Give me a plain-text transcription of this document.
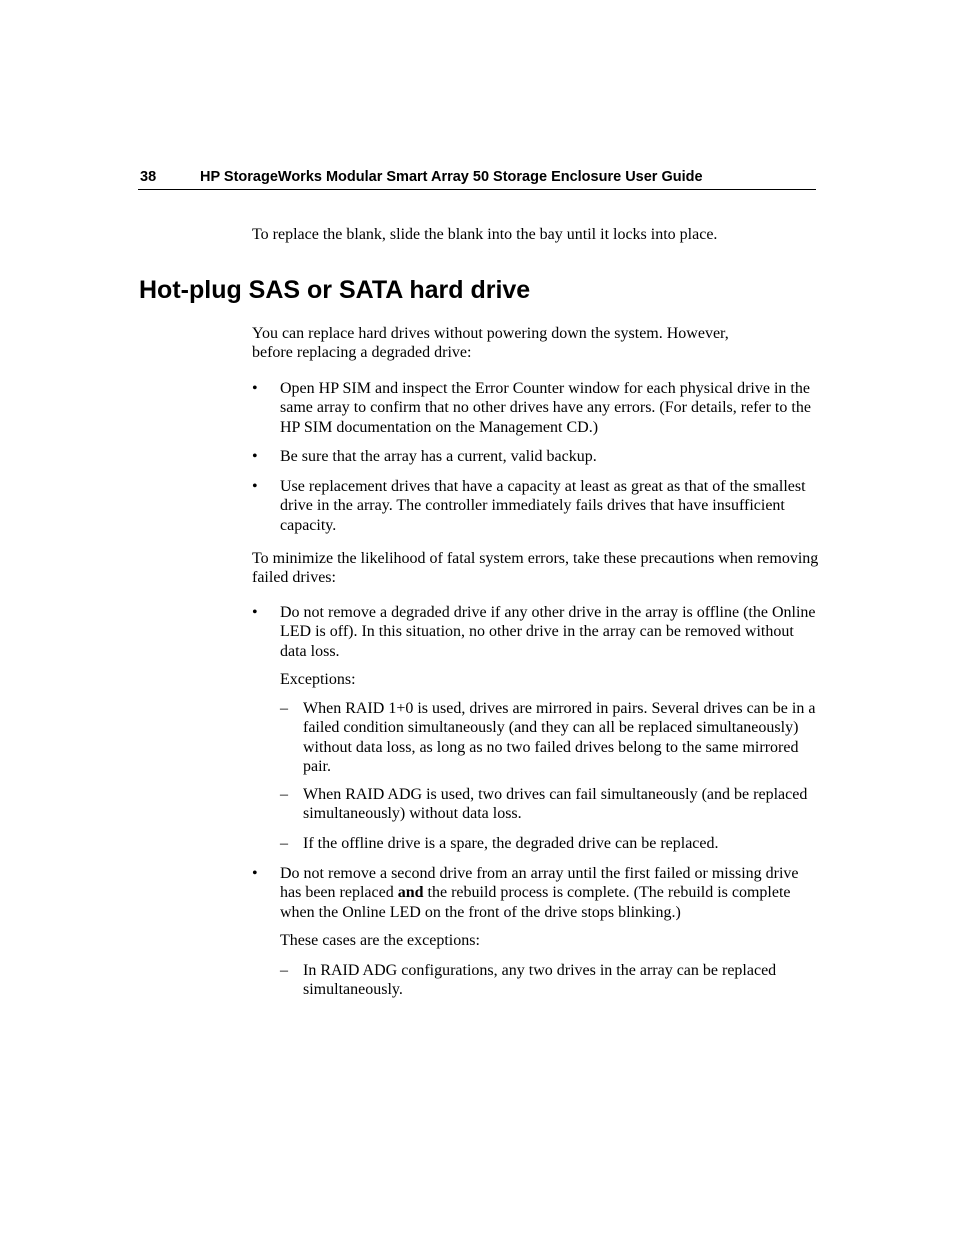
38	HP StorageWorks Modular Smart Array 50 Storage Enclosure User Guide

To replace the blank, slide the blank into the bay until it locks into place.

Hot-plug SAS or SATA hard drive

You can replace hard drives without powering down the system. However, before replacing a degraded drive:

• Open HP SIM and inspect the Error Counter window for each physical drive in the same array to confirm that no other drives have any errors. (For details, refer to the HP SIM documentation on the Management CD.)
• Be sure that the array has a current, valid backup.
• Use replacement drives that have a capacity at least as great as that of the smallest drive in the array. The controller immediately fails drives that have insufficient capacity.

To minimize the likelihood of fatal system errors, take these precautions when removing failed drives:

• Do not remove a degraded drive if any other drive in the array is offline (the Online LED is off). In this situation, no other drive in the array can be removed without data loss.

Exceptions:

– When RAID 1+0 is used, drives are mirrored in pairs. Several drives can be in a failed condition simultaneously (and they can all be replaced simultaneously) without data loss, as long as no two failed drives belong to the same mirrored pair.
– When RAID ADG is used, two drives can fail simultaneously (and be replaced simultaneously) without data loss.
– If the offline drive is a spare, the degraded drive can be replaced.
• Do not remove a second drive from an array until the first failed or missing drive has been replaced and the rebuild process is complete. (The rebuild is complete when the Online LED on the front of the drive stops blinking.)

These cases are the exceptions:

– In RAID ADG configurations, any two drives in the array can be replaced simultaneously.
